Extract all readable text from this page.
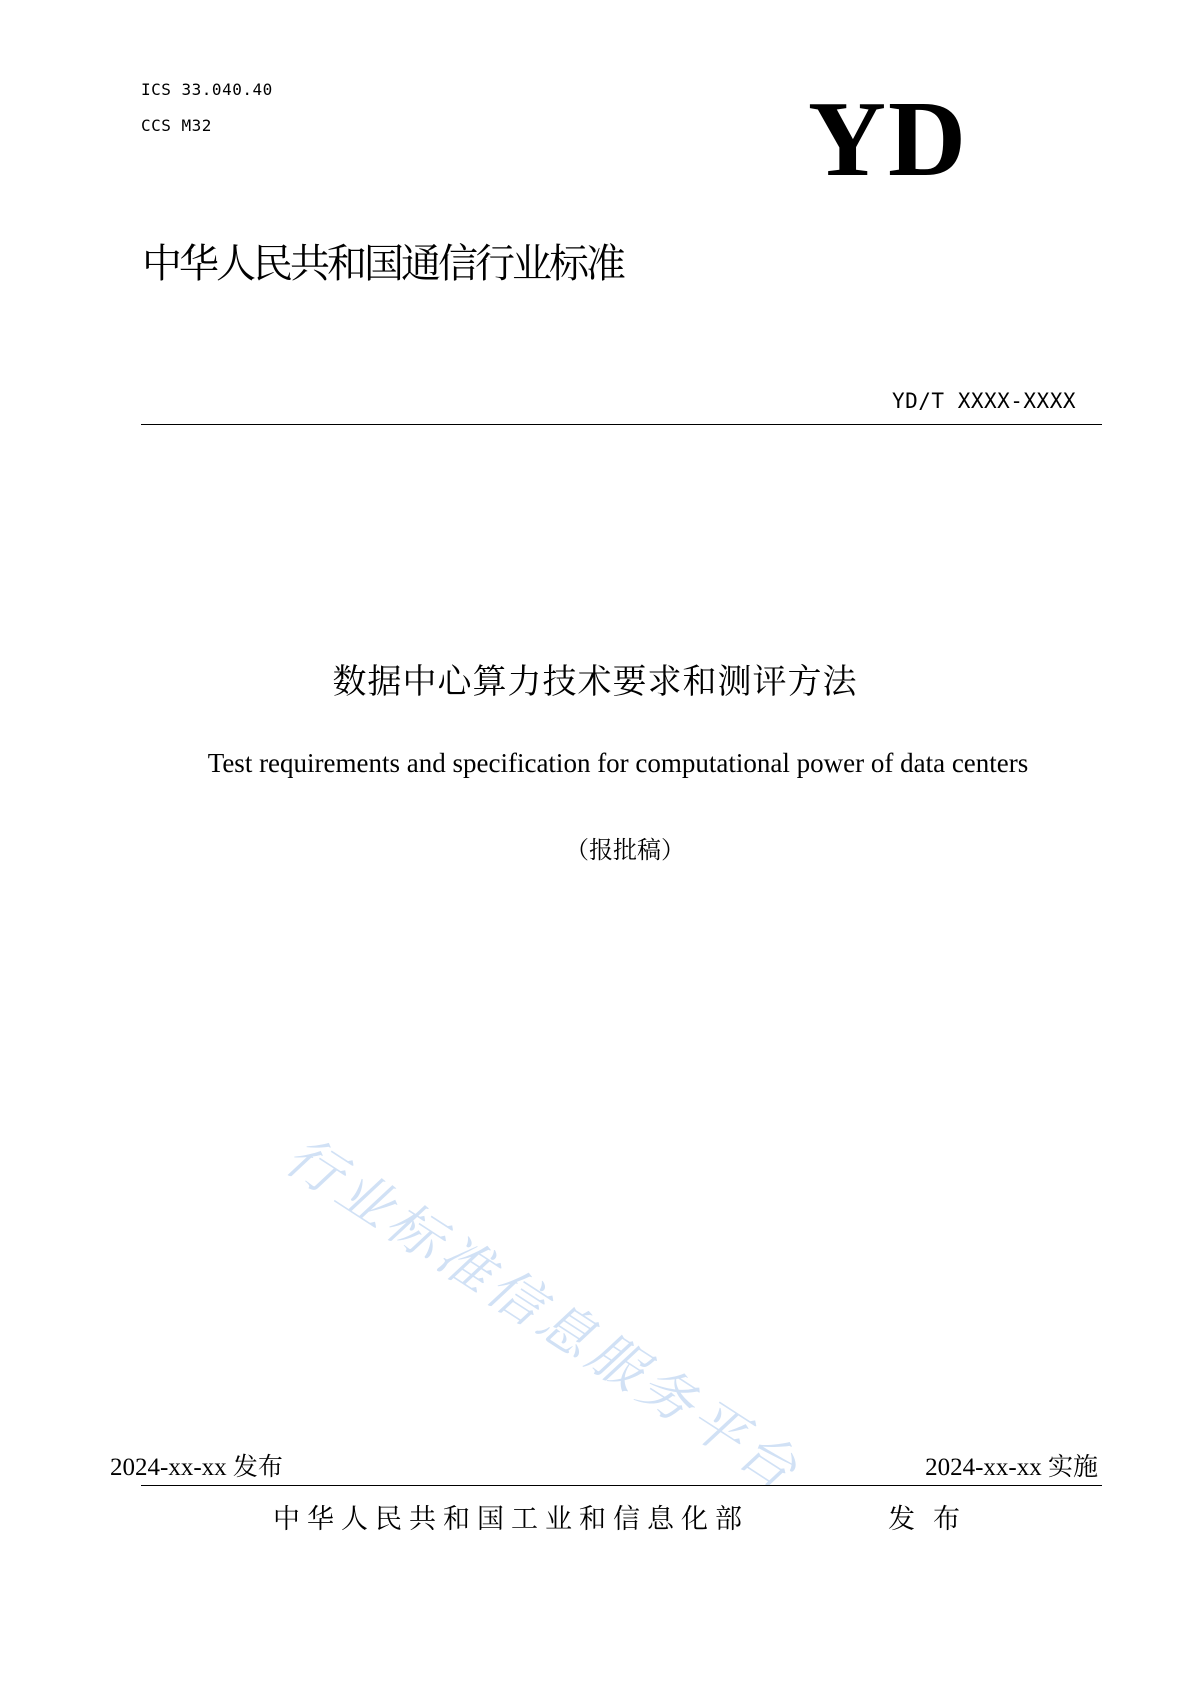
ICS 33.040.40
CCS M32	YD
中华人民共和国通信行业标准
YD/T XXXX-XXXX
数据中心算力技术要求和测评方法
Test requirements and specification for computational power of data centers
（报批稿）
行业标准信息服务平台
2024-xx-xx 发布	2024-xx-xx 实施
中华人民共和国工业和信息化部	发布
